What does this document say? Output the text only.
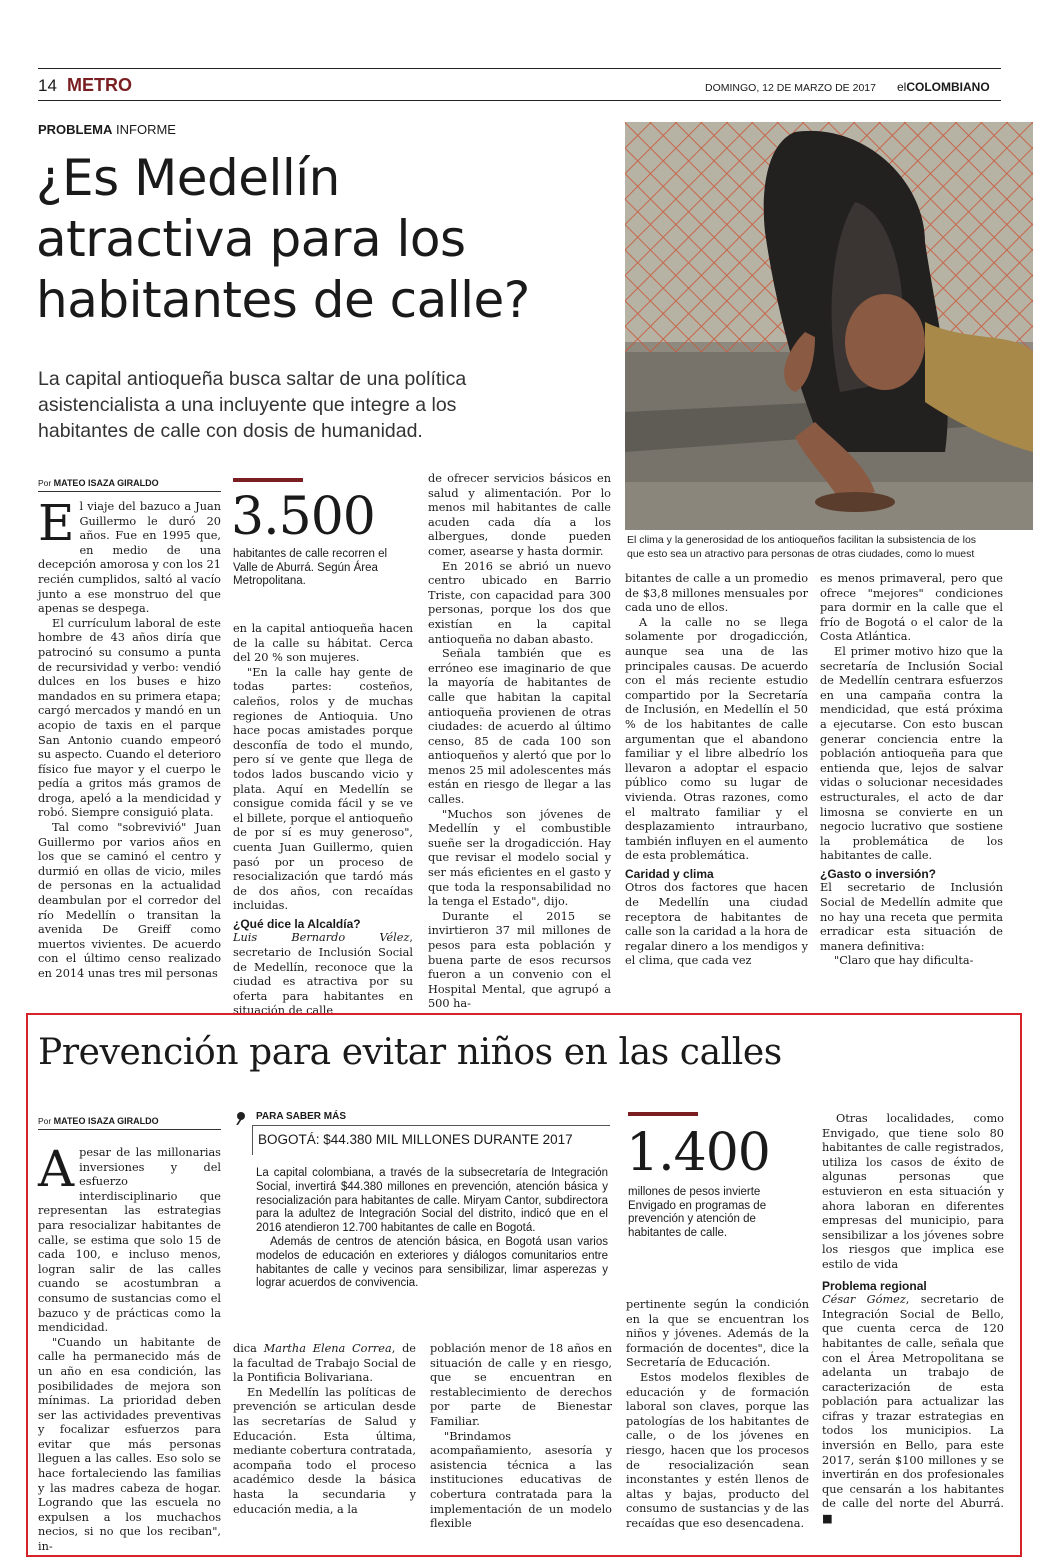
14 METRO	DOMINGO, 12 DE MARZO DE 2017 elCOLOMBIANO
PROBLEMA INFORME
¿Es Medellín
atractiva para los
habitantes de calle?
La capital antioqueña busca saltar de una política
asistencialista a una incluyente que integre a los
habitantes de calle con dosis de humanidad.
El clima y la generosidad de los antioqueños facilitan la subsistencia de los
que esto sea un atractivo para personas de otras ciudades, como lo muest
Por MATEO ISAZA GIRALDO

El viaje del bazuco a Juan Guillermo le duró 20 años. Fue en 1995 que, en medio de una decepción amorosa y con los 21 recién cumplidos, saltó al vacío junto a ese monstruo del que apenas se despega.

El currículum laboral de este hombre de 43 años diría que patrocinó su consumo a punta de recursividad y verbo: vendió dulces en los buses e hizo mandados en su primera etapa; cargó mercados y mandó en un acopio de taxis en el parque San Antonio cuando empeoró su aspecto. Cuando el deterioro físico fue mayor y el cuerpo le pedía a gritos más gramos de droga, apeló a la mendicidad y robó. Siempre consiguió plata.

Tal como "sobrevivió" Juan Guillermo por varios años en los que se caminó el centro y durmió en ollas de vicio, miles de personas en la actualidad deambulan por el corredor del río Medellín o transitan la avenida De Greiff como muertos vivientes. De acuerdo con el último censo realizado en 2014 unas tres mil personas

3.500
habitantes de calle recorren el Valle de Aburrá. Según Área Metropolitana.

en la capital antioqueña hacen de la calle su hábitat. Cerca del 20 % son mujeres.

"En la calle hay gente de todas partes: costeños, caleños, rolos y de muchas regiones de Antioquia. Uno hace pocas amistades porque desconfía de todo el mundo, pero sí ve gente que llega de todos lados buscando vicio y plata. Aquí en Medellín se consigue comida fácil y se ve el billete, porque el antioqueño de por sí es muy generoso", cuenta Juan Guillermo, quien pasó por un proceso de resocialización que tardó más de dos años, con recaídas incluidas.

¿Qué dice la Alcaldía?

Luis Bernardo Vélez, secretario de Inclusión Social de Medellín, reconoce que la ciudad es atractiva por su oferta para habitantes en situación de calle

de ofrecer servicios básicos en salud y alimentación. Por lo menos mil habitantes de calle acuden cada día a los albergues, donde pueden comer, asearse y hasta dormir.

En 2016 se abrió un nuevo centro ubicado en Barrio Triste, con capacidad para 300 personas, porque los dos que existían en la capital antioqueña no daban abasto.

Señala también que es erróneo ese imaginario de que la mayoría de habitantes de calle que habitan la capital antioqueña provienen de otras ciudades: de acuerdo al último censo, 85 de cada 100 son antioqueños y alertó que por lo menos 25 mil adolescentes más están en riesgo de llegar a las calles.

"Muchos son jóvenes de Medellín y el combustible sueñe ser la drogadicción. Hay que revisar el modelo social y ser más eficientes en el gasto y que toda la responsabilidad no la tenga el Estado", dijo.

Durante el 2015 se invirtieron 37 mil millones de pesos para esta población y buena parte de esos recursos fueron a un convenio con el Hospital Mental, que agrupó a 500 ha-

bitantes de calle a un promedio de $3,8 millones mensuales por cada uno de ellos.

A la calle no se llega solamente por drogadicción, aunque sea una de las principales causas. De acuerdo con el más reciente estudio compartido por la Secretaría de Inclusión, en Medellín el 50 % de los habitantes de calle argumentan que el abandono familiar y el libre albedrío los llevaron a adoptar el espacio público como su lugar de vivienda. Otras razones, como el maltrato familiar y el desplazamiento intraurbano, también influyen en el aumento de esta problemática.

Caridad y clima

Otros dos factores que hacen de Medellín una ciudad receptora de habitantes de calle son la caridad a la hora de regalar dinero a los mendigos y el clima, que cada vez

es menos primaveral, pero que ofrece "mejores" condiciones para dormir en la calle que el frío de Bogotá o el calor de la Costa Atlántica.

El primer motivo hizo que la secretaría de Inclusión Social de Medellín centrara esfuerzos en una campaña contra la mendicidad, que está próxima a ejecutarse. Con esto buscan generar conciencia entre la población antioqueña para que entienda que, lejos de salvar vidas o solucionar necesidades estructurales, el acto de dar limosna se convierte en un negocio lucrativo que sostiene la problemática de los habitantes de calle.

¿Gasto o inversión?

El secretario de Inclusión Social de Medellín admite que no hay una receta que permita erradicar esta situación de manera definitiva:

"Claro que hay dificulta-

Prevención para evitar niños en las calles
Por MATEO ISAZA GIRALDO

Apesar de las millonarias inversiones y del esfuerzo interdisciplinario que representan las estrategias para resocializar habitantes de calle, se estima que solo 15 de cada 100, e incluso menos, logran salir de las calles cuando se acostumbran a consumo de sustancias como el bazuco y de prácticas como la mendicidad.

"Cuando un habitante de calle ha permanecido más de un año en esa condición, las posibilidades de mejora son mínimas. La prioridad deben ser las actividades preventivas y focalizar esfuerzos para evitar que más personas lleguen a las calles. Eso solo se hace fortaleciendo las familias y las madres cabeza de hogar. Logrando que las escuela no expulsen a los muchachos necios, si no que los reciban", in-

PARA SABER MÁS
BOGOTÁ: $44.380 MIL MILLONES DURANTE 2017
La capital colombiana, a través de la subsecretaría de Integración Social, invertirá $44.380 millones en prevención, atención básica y resocialización para habitantes de calle. Miryam Cantor, subdirectora para la adultez de Integración Social del distrito, indicó que en el 2016 atendieron 12.700 habitantes de calle en Bogotá.
Además de centros de atención básica, en Bogotá usan varios modelos de educación en exteriores y diálogos comunitarios entre habitantes de calle y vecinos para sensibilizar, limar asperezas y lograr acuerdos de convivencia.
1.400
millones de pesos invierte Envigado en programas de prevención y atención de habitantes de calle.

dica Martha Elena Correa, de la facultad de Trabajo Social de la Pontificia Bolivariana.

En Medellín las políticas de prevención se articulan desde las secretarías de Salud y Educación. Esta última, mediante cobertura contratada, acompaña todo el proceso académico desde la básica hasta la secundaria y educación media, a la

población menor de 18 años en situación de calle y en riesgo, que se encuentran en restablecimiento de derechos por parte de Bienestar Familiar.

"Brindamos acompañamiento, asesoría y asistencia técnica a las instituciones educativas de cobertura contratada para la implementación de un modelo flexible

pertinente según la condición en la que se encuentran los niños y jóvenes. Además de la formación de docentes", dice la Secretaría de Educación.

Estos modelos flexibles de educación y de formación laboral son claves, porque las patologías de los habitantes de calle, o de los jóvenes en riesgo, hacen que los procesos de resocialización sean inconstantes y estén llenos de altas y bajas, producto del consumo de sustancias y de las recaídas que eso desencadena.

Otras localidades, como Envigado, que tiene solo 80 habitantes de calle registrados, utiliza los casos de éxito de algunas personas que estuvieron en esta situación y ahora laboran en diferentes empresas del municipio, para sensibilizar a los jóvenes sobre los riesgos que implica ese estilo de vida

Problema regional

César Gómez, secretario de Integración Social de Bello, que cuenta cerca de 120 habitantes de calle, señala que con el Área Metropolitana se adelanta un trabajo de caracterización de esta población para actualizar las cifras y trazar estrategias en todos los municipios. La inversión en Bello, para este 2017, serán $100 millones y se invertirán en dos profesionales que censarán a los habitantes de calle del norte del Aburrá. ■
